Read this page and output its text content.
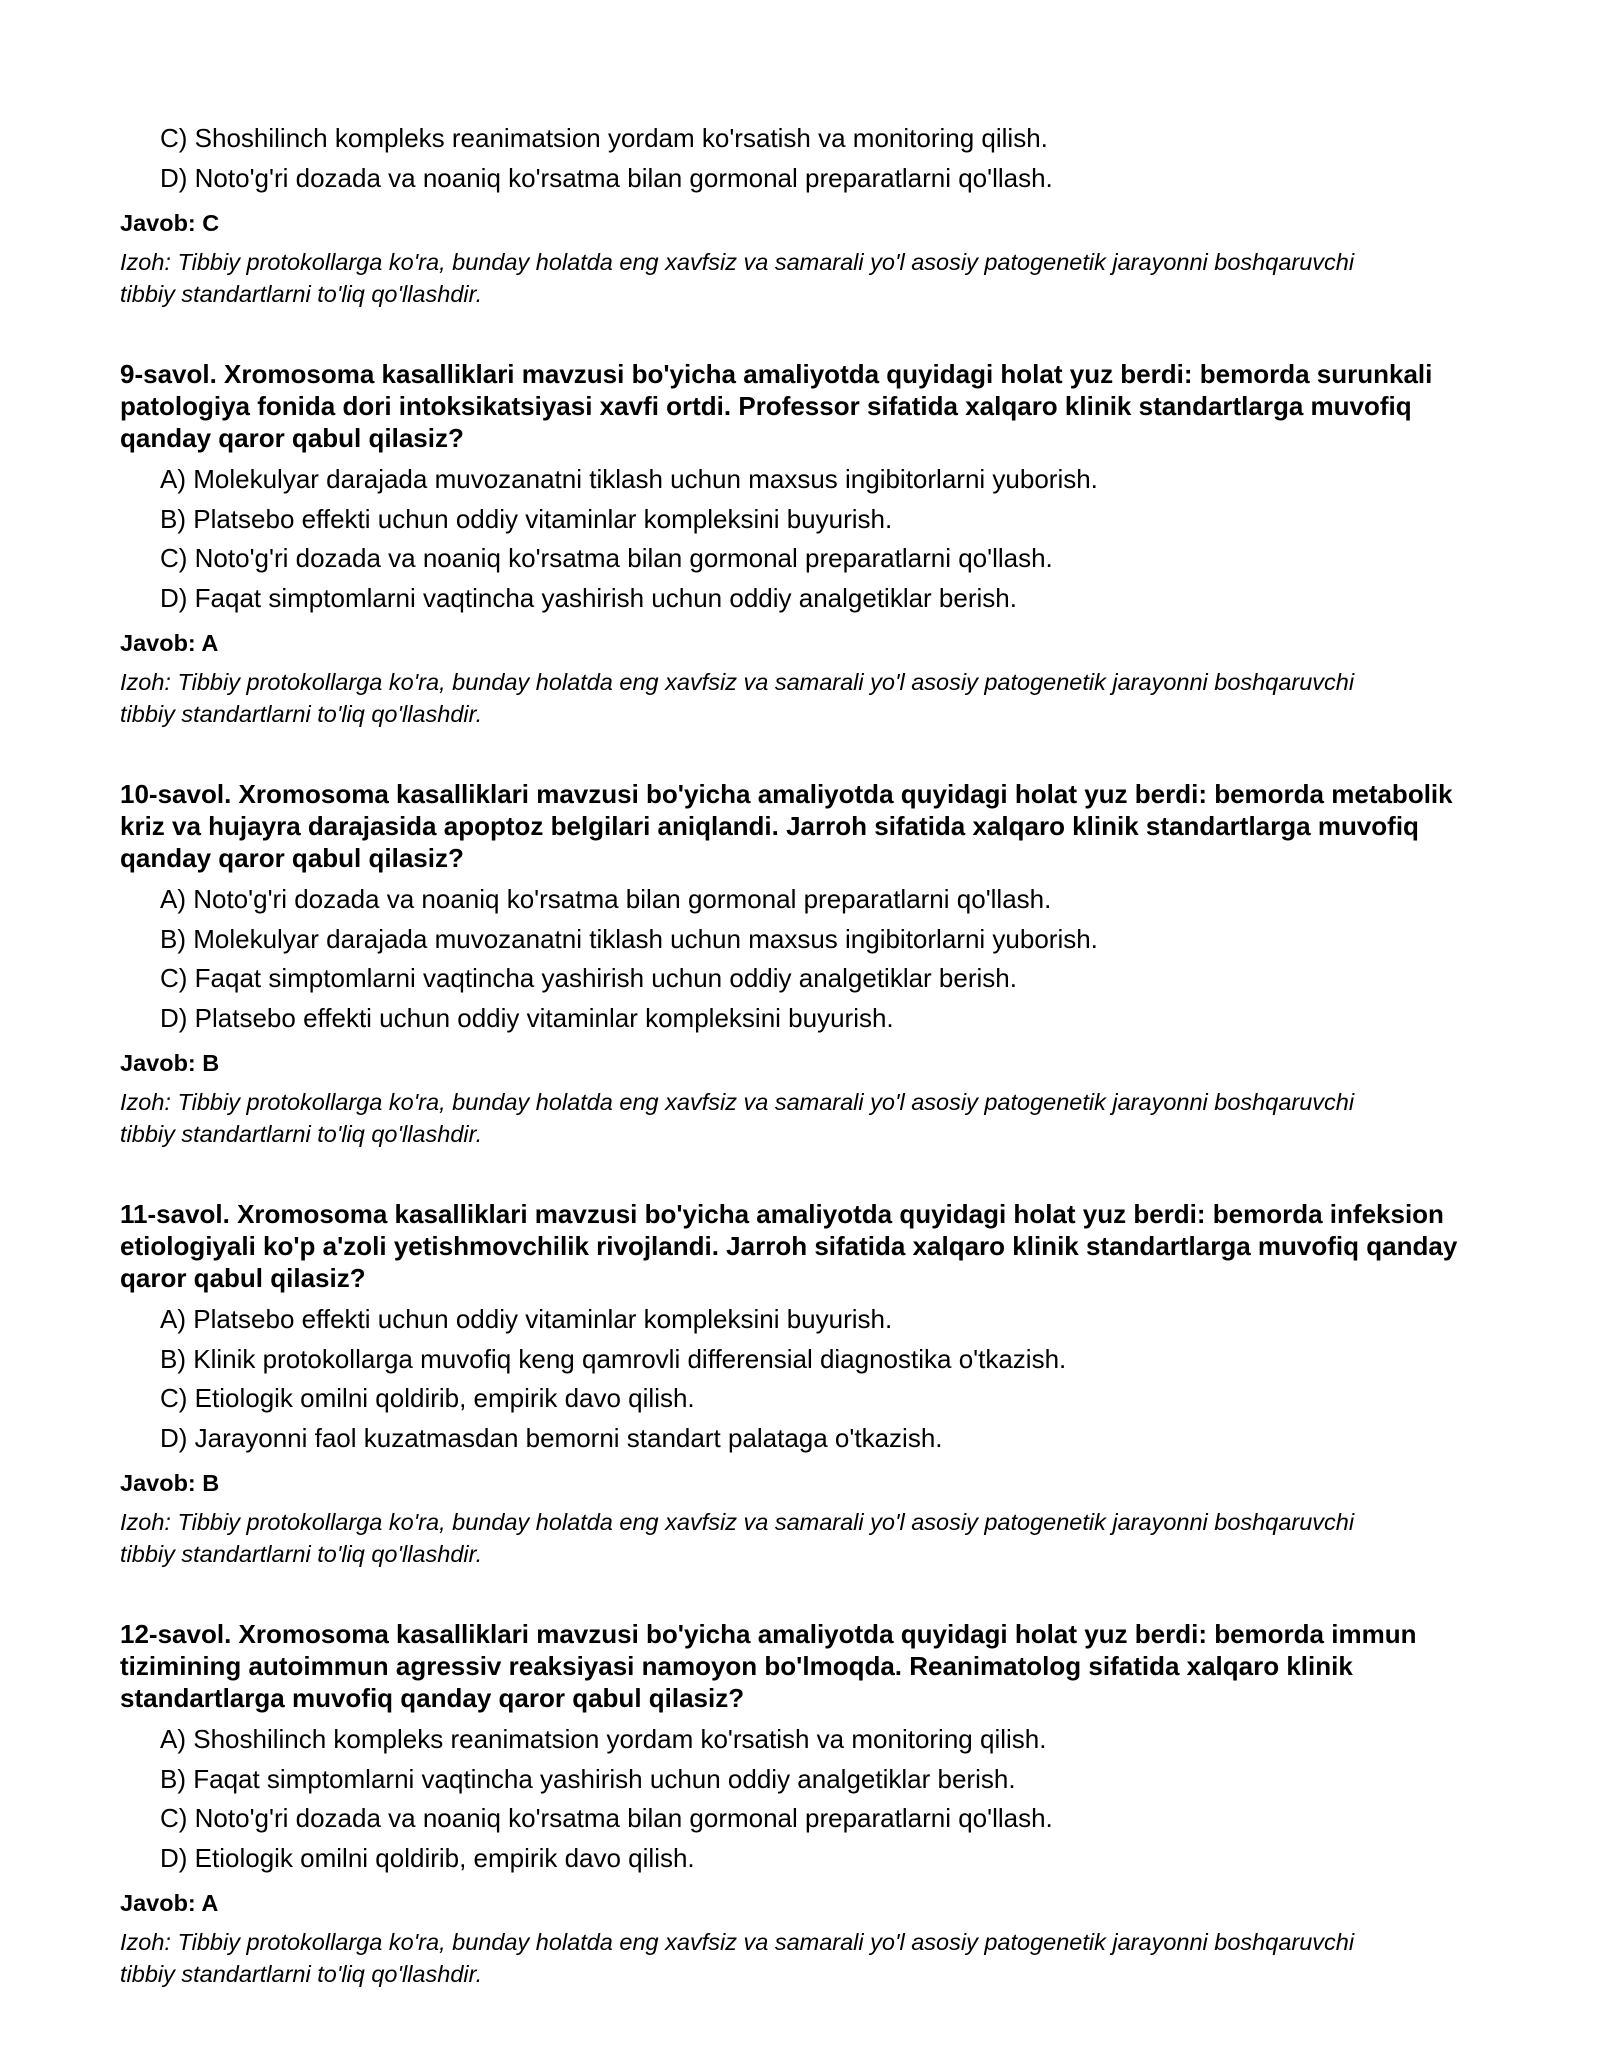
C) Shoshilinch kompleks reanimatsion yordam ko'rsatish va monitoring qilish.
D) Noto'g'ri dozada va noaniq ko'rsatma bilan gormonal preparatlarni qo'llash.
Javob: C
Izoh: Tibbiy protokollarga ko'ra, bunday holatda eng xavfsiz va samarali yo'l asosiy patogenetik jarayonni boshqaruvchi tibbiy standartlarni to'liq qo'llashdir.
9-savol. Xromosoma kasalliklari mavzusi bo'yicha amaliyotda quyidagi holat yuz berdi: bemorda surunkali patologiya fonida dori intoksikatsiyasi xavfi ortdi. Professor sifatida xalqaro klinik standartlarga muvofiq qanday qaror qabul qilasiz?
A) Molekulyar darajada muvozanatni tiklash uchun maxsus ingibitorlarni yuborish.
B) Platsebo effekti uchun oddiy vitaminlar kompleksini buyurish.
C) Noto'g'ri dozada va noaniq ko'rsatma bilan gormonal preparatlarni qo'llash.
D) Faqat simptomlarni vaqtincha yashirish uchun oddiy analgetiklar berish.
Javob: A
Izoh: Tibbiy protokollarga ko'ra, bunday holatda eng xavfsiz va samarali yo'l asosiy patogenetik jarayonni boshqaruvchi tibbiy standartlarni to'liq qo'llashdir.
10-savol. Xromosoma kasalliklari mavzusi bo'yicha amaliyotda quyidagi holat yuz berdi: bemorda metabolik kriz va hujayra darajasida apoptoz belgilari aniqlandi. Jarroh sifatida xalqaro klinik standartlarga muvofiq qanday qaror qabul qilasiz?
A) Noto'g'ri dozada va noaniq ko'rsatma bilan gormonal preparatlarni qo'llash.
B) Molekulyar darajada muvozanatni tiklash uchun maxsus ingibitorlarni yuborish.
C) Faqat simptomlarni vaqtincha yashirish uchun oddiy analgetiklar berish.
D) Platsebo effekti uchun oddiy vitaminlar kompleksini buyurish.
Javob: B
Izoh: Tibbiy protokollarga ko'ra, bunday holatda eng xavfsiz va samarali yo'l asosiy patogenetik jarayonni boshqaruvchi tibbiy standartlarni to'liq qo'llashdir.
11-savol. Xromosoma kasalliklari mavzusi bo'yicha amaliyotda quyidagi holat yuz berdi: bemorda infeksion etiologiyali ko'p a'zoli yetishmovchilik rivojlandi. Jarroh sifatida xalqaro klinik standartlarga muvofiq qanday qaror qabul qilasiz?
A) Platsebo effekti uchun oddiy vitaminlar kompleksini buyurish.
B) Klinik protokollarga muvofiq keng qamrovli differensial diagnostika o'tkazish.
C) Etiologik omilni qoldirib, empirik davo qilish.
D) Jarayonni faol kuzatmasdan bemorni standart palataga o'tkazish.
Javob: B
Izoh: Tibbiy protokollarga ko'ra, bunday holatda eng xavfsiz va samarali yo'l asosiy patogenetik jarayonni boshqaruvchi tibbiy standartlarni to'liq qo'llashdir.
12-savol. Xromosoma kasalliklari mavzusi bo'yicha amaliyotda quyidagi holat yuz berdi: bemorda immun tizimining autoimmun agressiv reaksiyasi namoyon bo'lmoqda. Reanimatolog sifatida xalqaro klinik standartlarga muvofiq qanday qaror qabul qilasiz?
A) Shoshilinch kompleks reanimatsion yordam ko'rsatish va monitoring qilish.
B) Faqat simptomlarni vaqtincha yashirish uchun oddiy analgetiklar berish.
C) Noto'g'ri dozada va noaniq ko'rsatma bilan gormonal preparatlarni qo'llash.
D) Etiologik omilni qoldirib, empirik davo qilish.
Javob: A
Izoh: Tibbiy protokollarga ko'ra, bunday holatda eng xavfsiz va samarali yo'l asosiy patogenetik jarayonni boshqaruvchi tibbiy standartlarni to'liq qo'llashdir.
